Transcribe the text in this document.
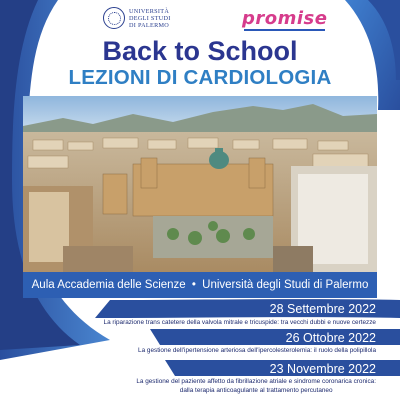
UNIVERSITÀ
DEGLI STUDI
DI PALERMO	promise
Back to School
LEZIONI DI CARDIOLOGIA
Aula Accademia delle Scienze • Università degli Studi di Palermo
28 Settembre 2022
La riparazione trans catetere della valvola mitrale e tricuspide: tra vecchi dubbi e nuove certezze
26 Ottobre 2022
La gestione dell'ipertensione arteriosa dell'ipercolesterolemia: il ruolo della polipillola
23 Novembre 2022
La gestione del paziente affetto da fibrillazione atriale e sindrome coronarica cronica:
dalla terapia anticoagulante al trattamento percutaneo
